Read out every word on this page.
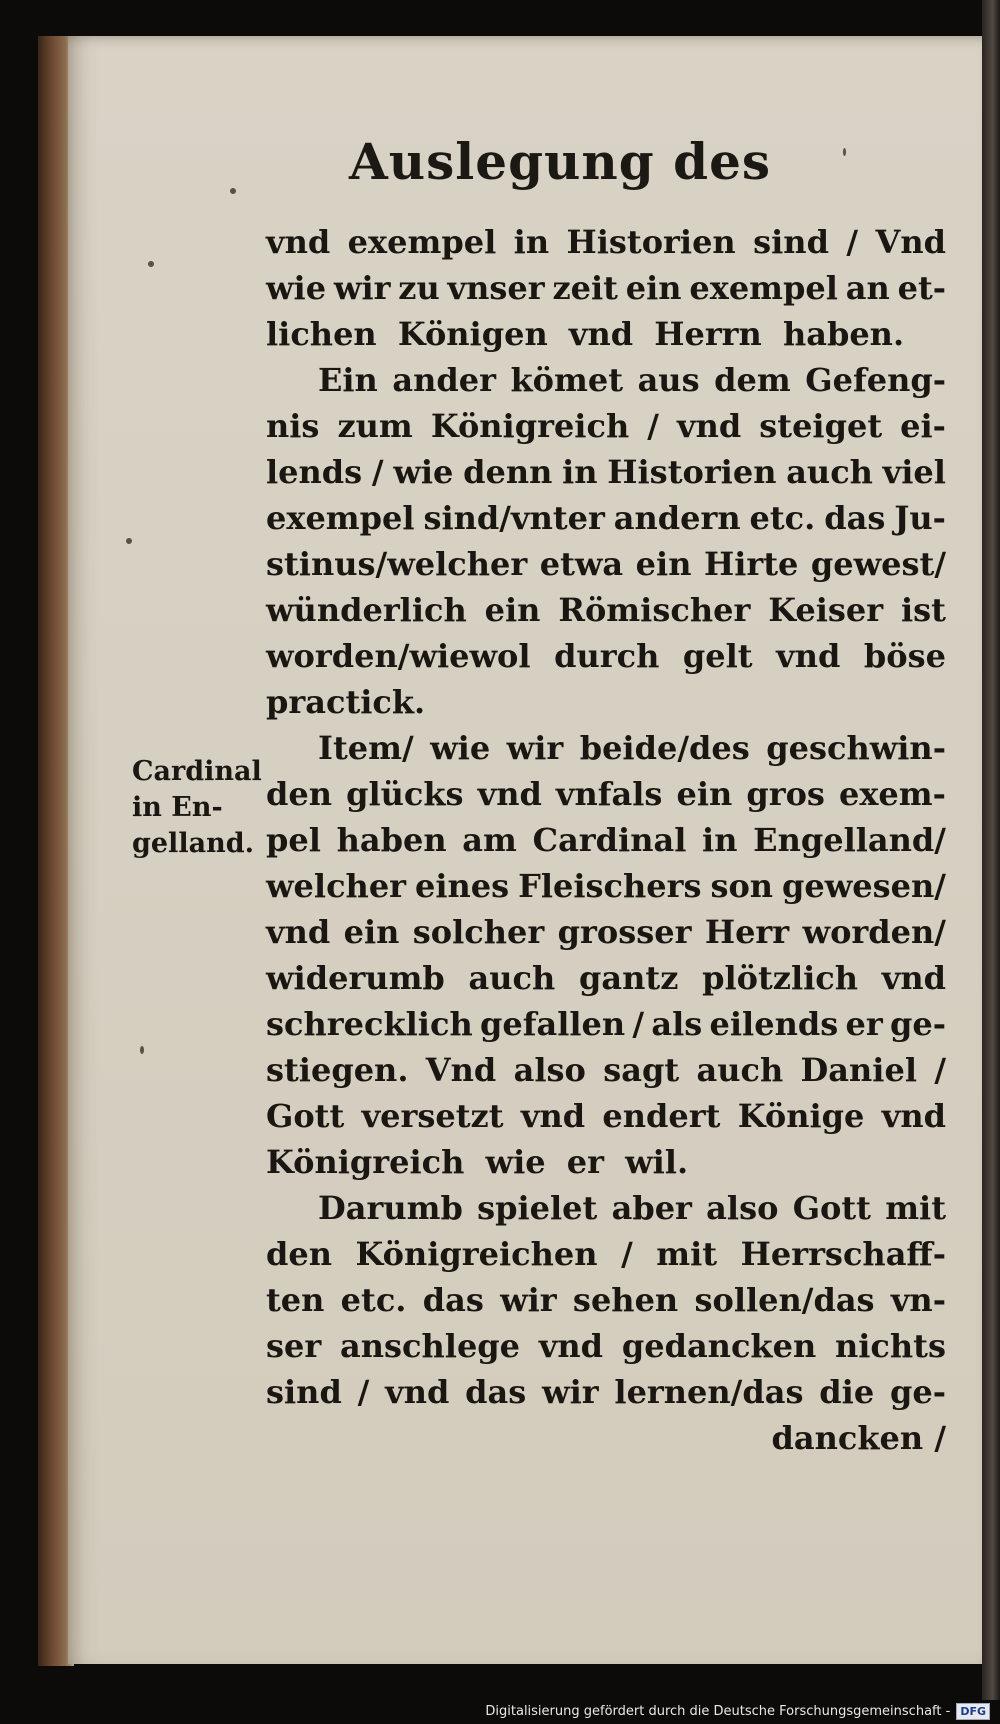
Auslegung des
Cardinal
in En-
gelland.
vnd exempel in Historien sind / Vnd
wie wir zu vnser zeit ein exempel an et-
lichen Königen vnd Herrn haben.
Ein ander kömet aus dem Gefeng-
nis zum Königreich / vnd steiget ei-
lends / wie denn in Historien auch viel
exempel sind/vnter andern etc. das Ju-
stinus/welcher etwa ein Hirte gewest/
wünderlich ein Römischer Keiser ist
worden/wiewol durch gelt vnd böse
practick.
Item/ wie wir beide/des geschwin-
den glücks vnd vnfals ein gros exem-
pel haben am Cardinal in Engelland/
welcher eines Fleischers son gewesen/
vnd ein solcher grosser Herr worden/
widerumb auch gantz plötzlich vnd
schrecklich gefallen / als eilends er ge-
stiegen. Vnd also sagt auch Daniel /
Gott versetzt vnd endert Könige vnd
Königreich wie er wil.
Darumb spielet aber also Gott mit
den Königreichen / mit Herrschaff-
ten etc. das wir sehen sollen/das vn-
ser anschlege vnd gedancken nichts
sind / vnd das wir lernen/das die ge-
dancken /
Digitalisierung gefördert durch die Deutsche Forschungsgemeinschaft - DFG
